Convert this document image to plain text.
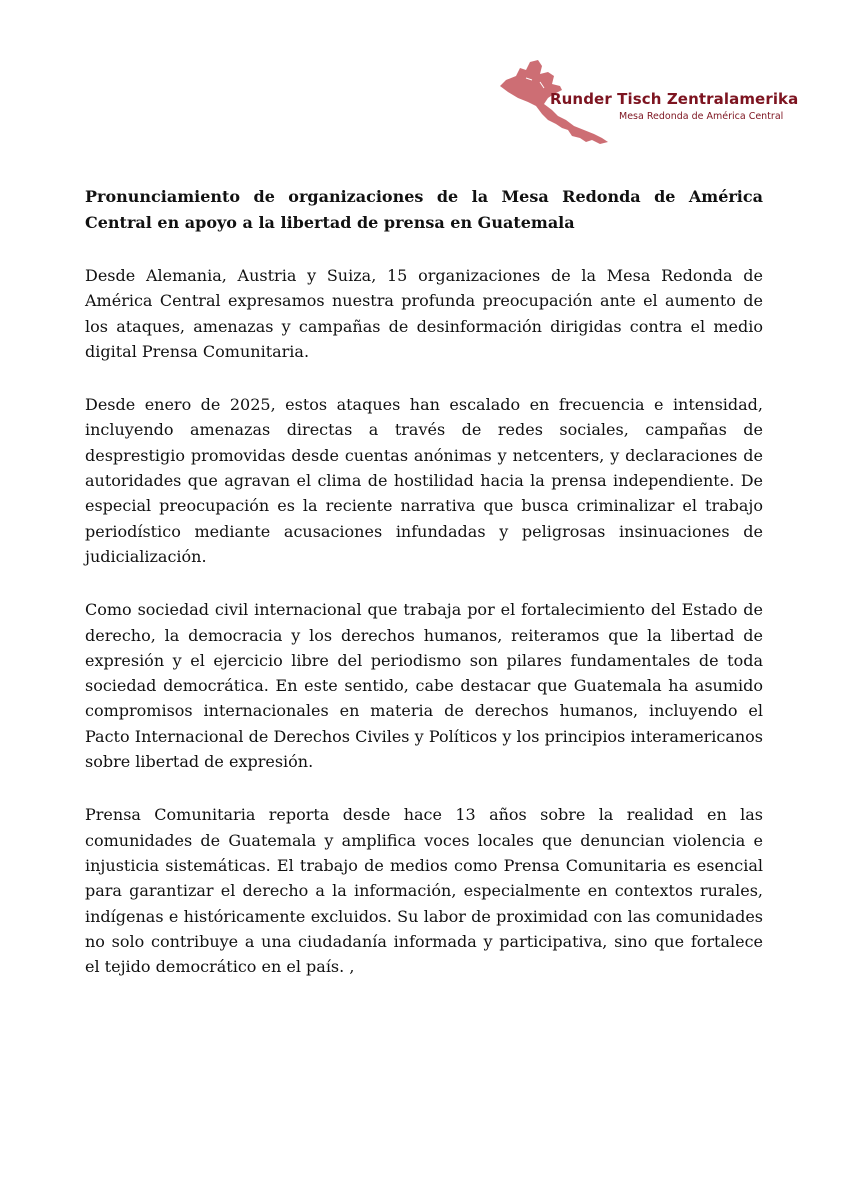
Runder Tisch Zentralamerika
Mesa Redonda de América Central
Pronunciamiento de organizaciones de la Mesa Redonda de América Central en apoyo a la libertad de prensa en Guatemala

Desde Alemania, Austria y Suiza, 15 organizaciones de la Mesa Redonda de América Central expresamos nuestra profunda preocupación ante el aumento de los ataques, amenazas y campañas de desinformación dirigidas contra el medio digital Prensa Comunitaria.

Desde enero de 2025, estos ataques han escalado en frecuencia e intensidad, incluyendo amenazas directas a través de redes sociales, campañas de desprestigio promovidas desde cuentas anónimas y netcenters, y declaraciones de autoridades que agravan el clima de hostilidad hacia la prensa independiente. De especial preocupación es la reciente narrativa que busca criminalizar el trabajo periodístico mediante acusaciones infundadas y peligrosas insinuaciones de judicialización.

Como sociedad civil internacional que trabaja por el fortalecimiento del Estado de derecho, la democracia y los derechos humanos, reiteramos que la libertad de expresión y el ejercicio libre del periodismo son pilares fundamentales de toda sociedad democrática. En este sentido, cabe destacar que Guatemala ha asumido compromisos internacionales en materia de derechos humanos, incluyendo el Pacto Internacional de Derechos Civiles y Políticos y los principios interamericanos sobre libertad de expresión.

Prensa Comunitaria reporta desde hace 13 años sobre la realidad en las comunidades de Guatemala y amplifica voces locales que denuncian violencia e injusticia sistemáticas. El trabajo de medios como Prensa Comunitaria es esencial para garantizar el derecho a la información, especialmente en contextos rurales, indígenas e históricamente excluidos. Su labor de proximidad con las comunidades no solo contribuye a una ciudadanía informada y participativa, sino que fortalece el tejido democrático en el país. ,
